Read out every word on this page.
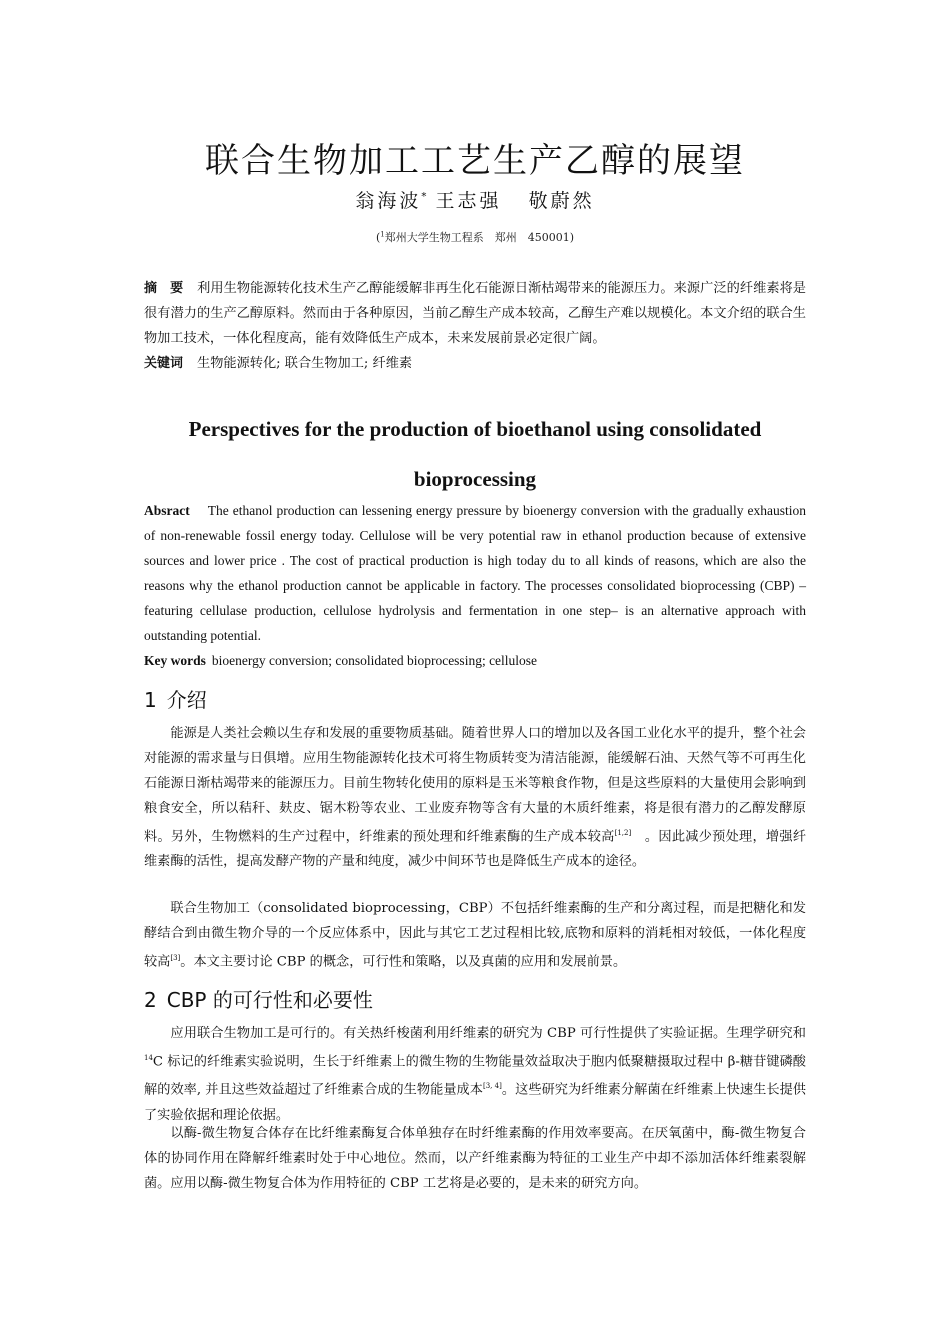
联合生物加工工艺生产乙醇的展望
翁海波* 王志强 敬蔚然
($^1$郑州大学生物工程系　郑州　450001)
摘　要 利用生物能源转化技术生产乙醇能缓解非再生化石能源日渐枯竭带来的能源压力。来源广泛的纤维素将是很有潜力的生产乙醇原料。然而由于各种原因，当前乙醇生产成本较高，乙醇生产难以规模化。本文介绍的联合生物加工技术，一体化程度高，能有效降低生产成本，未来发展前景必定很广阔。
关键词 生物能源转化; 联合生物加工; 纤维素
Perspectives for the production of bioethanol using consolidated bioprocessing
Absract The ethanol production can lessening energy pressure by bioenergy conversion with the gradually exhaustion of non-renewable fossil energy today. Cellulose will be very potential raw in ethanol production because of extensive sources and lower price . The cost of practical production is high today du to all kinds of reasons, which are also the reasons why the ethanol production cannot be applicable in factory. The processes consolidated bioprocessing (CBP) – featuring cellulase production, cellulose hydrolysis and fermentation in one step– is an alternative approach with outstanding potential.
Key words bioenergy conversion; consolidated bioprocessing; cellulose
1 介绍
能源是人类社会赖以生存和发展的重要物质基础。随着世界人口的增加以及各国工业化水平的提升，整个社会对能源的需求量与日俱增。应用生物能源转化技术可将生物质转变为清洁能源，能缓解石油、天然气等不可再生化石能源日渐枯竭带来的能源压力。目前生物转化使用的原料是玉米等粮食作物，但是这些原料的大量使用会影响到粮食安全，所以秸秆、麸皮、锯木粉等农业、工业废弃物等含有大量的木质纤维素，将是很有潜力的乙醇发酵原料。另外，生物燃料的生产过程中，纤维素的预处理和纤维素酶的生产成本较高[1,2]　。因此减少预处理，增强纤维素酶的活性，提高发酵产物的产量和纯度，减少中间环节也是降低生产成本的途径。
联合生物加工（consolidated bioprocessing，CBP）不包括纤维素酶的生产和分离过程，而是把糖化和发酵结合到由微生物介导的一个反应体系中，因此与其它工艺过程相比较,底物和原料的消耗相对较低，一体化程度较高[3]。本文主要讨论 CBP 的概念，可行性和策略，以及真菌的应用和发展前景。
2 CBP 的可行性和必要性
应用联合生物加工是可行的。有关热纤梭菌利用纤维素的研究为 CBP 可行性提供了实验证据。生理学研究和 $^{14}$C 标记的纤维素实验说明，生长于纤维素上的微生物的生物能量效益取决于胞内低聚糖摄取过程中 β-糖苷键磷酸解的效率, 并且这些效益超过了纤维素合成的生物能量成本[3, 4]。这些研究为纤维素分解菌在纤维素上快速生长提供了实验依据和理论依据。
以酶-微生物复合体存在比纤维素酶复合体单独存在时纤维素酶的作用效率要高。在厌氧菌中，酶-微生物复合体的协同作用在降解纤维素时处于中心地位。然而，以产纤维素酶为特征的工业生产中却不添加活体纤维素裂解菌。应用以酶-微生物复合体为作用特征的 CBP 工艺将是必要的，是未来的研究方向。
